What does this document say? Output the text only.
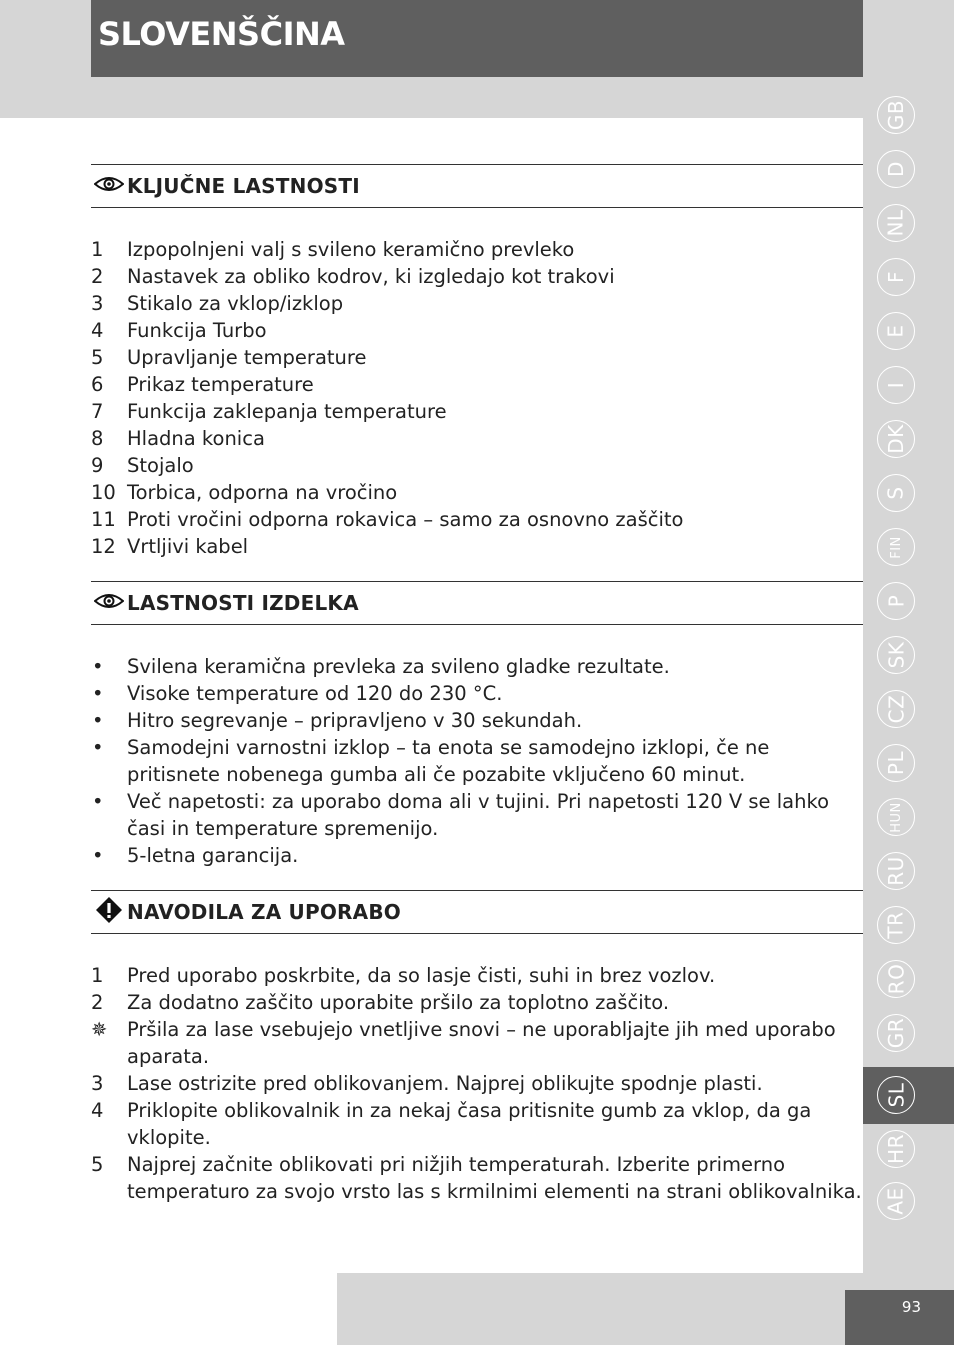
SLOVENŠČINA
GB
D
NL
F
E
I
DK
S
FIN
P
SK
CZ
PL
HUN
RU
TR
RO
GR
SL
HR
AE
93
KLJUČNE LASTNOSTI
1	Izpopolnjeni valj s svileno keramično prevleko
2	Nastavek za obliko kodrov, ki izgledajo kot trakovi
3	Stikalo za vklop/izklop
4	Funkcija Turbo
5	Upravljanje temperature
6	Prikaz temperature
7	Funkcija zaklepanja temperature
8	Hladna konica
9	Stojalo
10 Torbica, odporna na vročino
11 Proti vročini odporna rokavica – samo za osnovno zaščito
12 Vrtljivi kabel
LASTNOSTI IZDELKA
•	Svilena keramična prevleka za svileno gladke rezultate.
•	Visoke temperature od 120 do 230 °C.
•	Hitro segrevanje – pripravljeno v 30 sekundah.
•	Samodejni varnostni izklop – ta enota se samodejno izklopi, če ne pritisnete nobenega gumba ali če pozabite vključeno 60 minut.
•	Več napetosti: za uporabo doma ali v tujini. Pri napetosti 120 V se lahko časi in temperature spremenijo.
•	5-letna garancija.
NAVODILA ZA UPORABO
1	Pred uporabo poskrbite, da so lasje čisti, suhi in brez vozlov.
2	Za dodatno zaščito uporabite pršilo za toplotno zaščito.
✵	Pršila za lase vsebujejo vnetljive snovi – ne uporabljajte jih med uporabo aparata.
3	Lase ostrizite pred oblikovanjem. Najprej oblikujte spodnje plasti.
4	Priklopite oblikovalnik in za nekaj časa pritisnite gumb za vklop, da ga vklopite.
5	Najprej začnite oblikovati pri nižjih temperaturah. Izberite primerno temperaturo za svojo vrsto las s krmilnimi elementi na strani oblikovalnika.
